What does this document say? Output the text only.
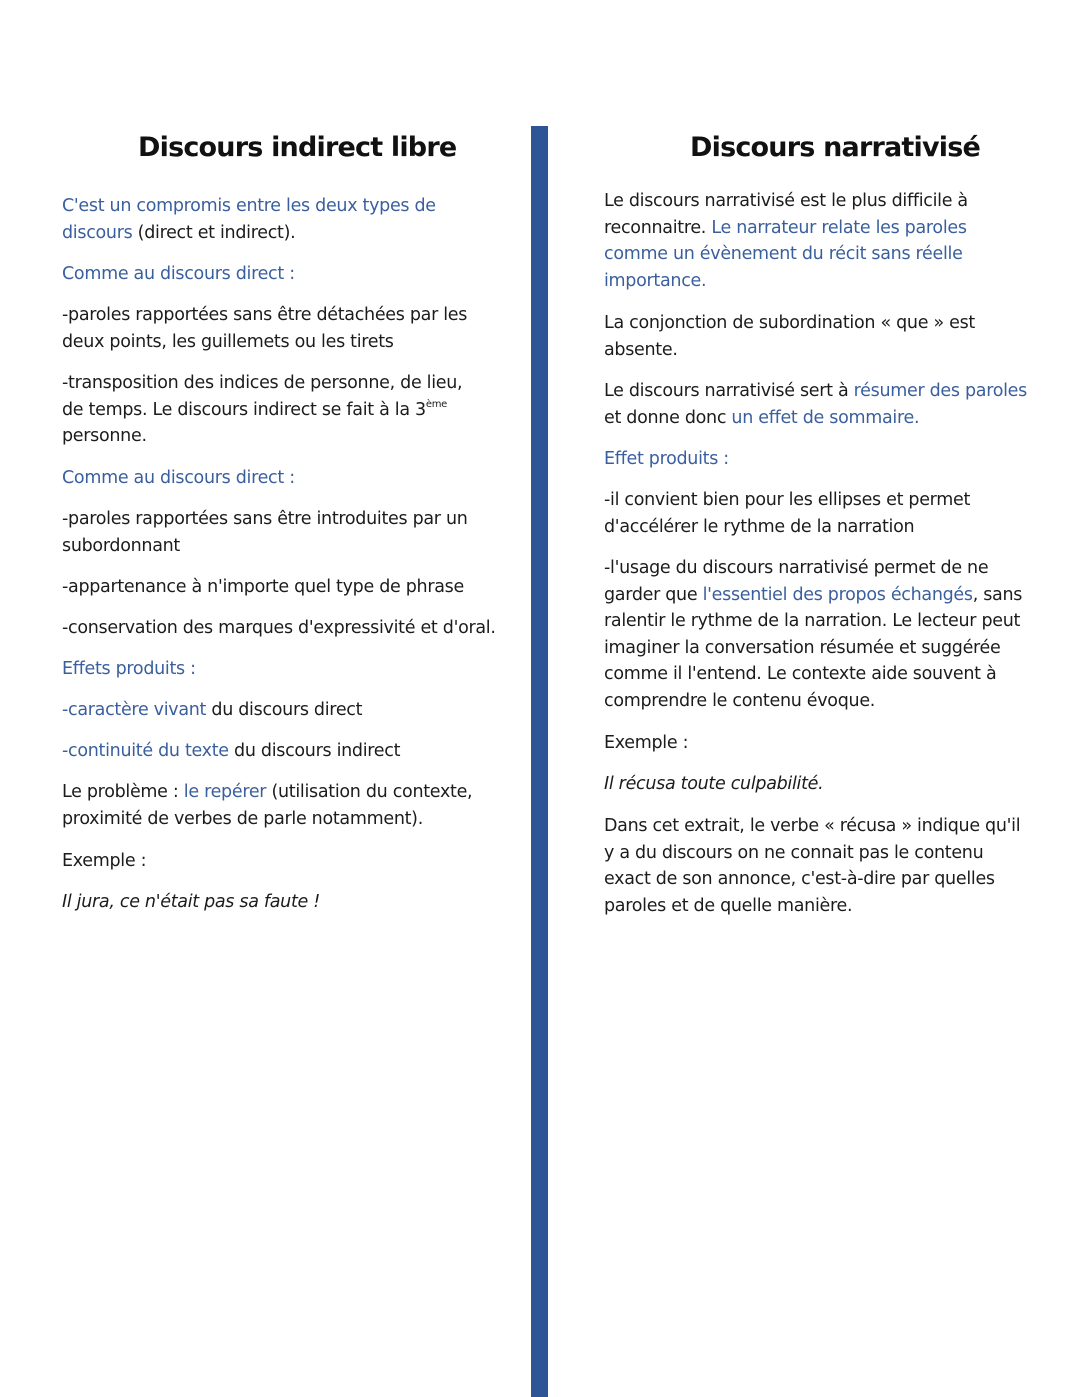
Discours indirect libre

C'est un compromis entre les deux types de discours (direct et indirect).

Comme au discours direct :

-paroles rapportées sans être détachées par les deux points, les guillemets ou les tirets

-transposition des indices de personne, de lieu, de temps. Le discours indirect se fait à la 3ème personne.

Comme au discours direct :

-paroles rapportées sans être introduites par un subordonnant

-appartenance à n'importe quel type de phrase

-conservation des marques d'expressivité et d'oral.

Effets produits :

-caractère vivant du discours direct

-continuité du texte du discours indirect

Le problème : le repérer (utilisation du contexte, proximité de verbes de parle notamment).

Exemple :

Il jura, ce n'était pas sa faute !

Discours narrativisé

Le discours narrativisé est le plus difficile à reconnaitre. Le narrateur relate les paroles comme un évènement du récit sans réelle importance.

La conjonction de subordination « que » est absente.

Le discours narrativisé sert à résumer des paroles et donne donc un effet de sommaire.

Effet produits :

-il convient bien pour les ellipses et permet d'accélérer le rythme de la narration

-l'usage du discours narrativisé permet de ne garder que l'essentiel des propos échangés, sans ralentir le rythme de la narration. Le lecteur peut imaginer la conversation résumée et suggérée comme il l'entend. Le contexte aide souvent à comprendre le contenu évoque.

Exemple :

Il récusa toute culpabilité.

Dans cet extrait, le verbe « récusa » indique qu'il y a du discours on ne connait pas le contenu exact de son annonce, c'est-à-dire par quelles paroles et de quelle manière.
